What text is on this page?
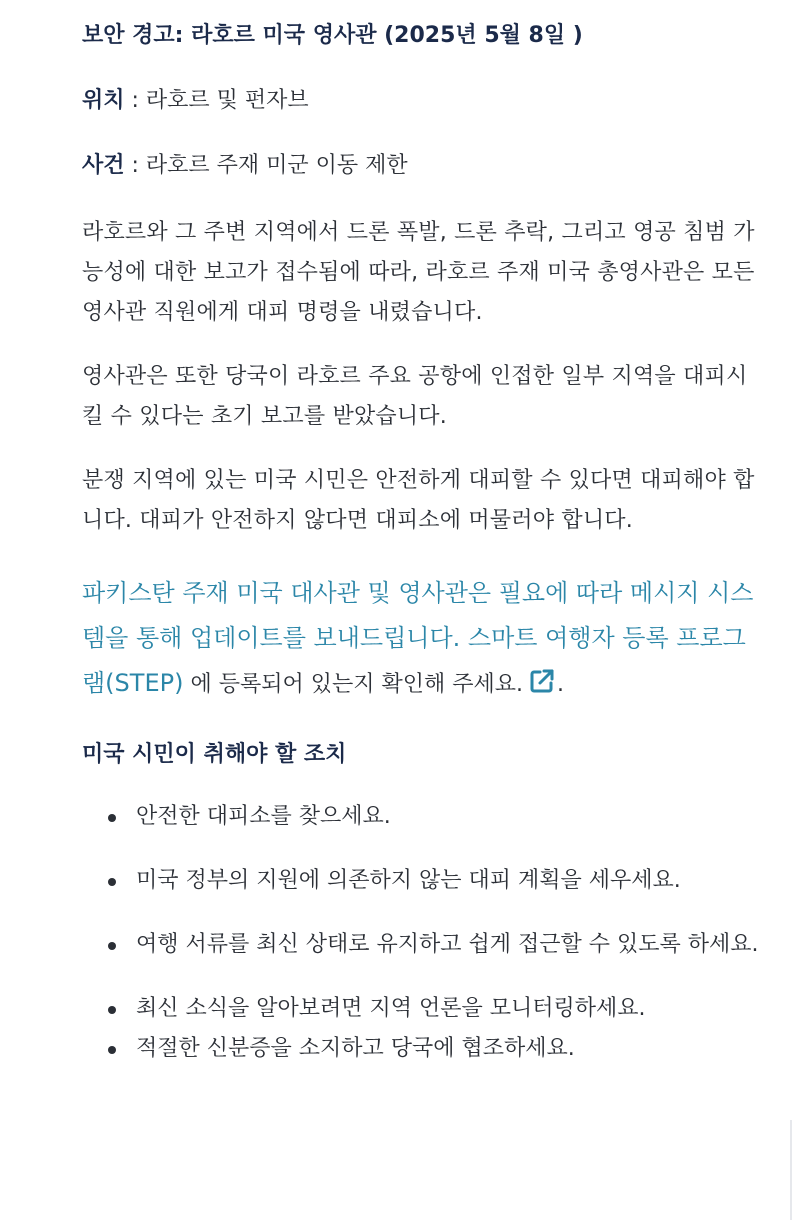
보안 경고: 라호르 미국 영사관 (2025년 5월 8일 )
위치 : 라호르 및 펀자브
사건 : 라호르 주재 미군 이동 제한

라호르와 그 주변 지역에서 드론 폭발, 드론 추락, 그리고 영공 침범 가능성에 대한 보고가 접수됨에 따라, 라호르 주재 미국 총영사관은 모든 영사관 직원에게 대피 명령을 내렸습니다.

영사관은 또한 당국이 라호르 주요 공항에 인접한 일부 지역을 대피시킬 수 있다는 초기 보고를 받았습니다.

분쟁 지역에 있는 미국 시민은 안전하게 대피할 수 있다면 대피해야 합니다. 대피가 안전하지 않다면 대피소에 머물러야 합니다.

파키스탄 주재 미국 대사관 및 영사관은 필요에 따라 메시지 시스템을 통해 업데이트를 보내드립니다. 스마트 여행자 등록 프로그램(STEP) 에 등록되어 있는지 확인해 주세요. .

미국 시민이 취해야 할 조치
안전한 대피소를 찾으세요.
미국 정부의 지원에 의존하지 않는 대피 계획을 세우세요.
여행 서류를 최신 상태로 유지하고 쉽게 접근할 수 있도록 하세요.
최신 소식을 알아보려면 지역 언론을 모니터링하세요.
적절한 신분증을 소지하고 당국에 협조하세요.
